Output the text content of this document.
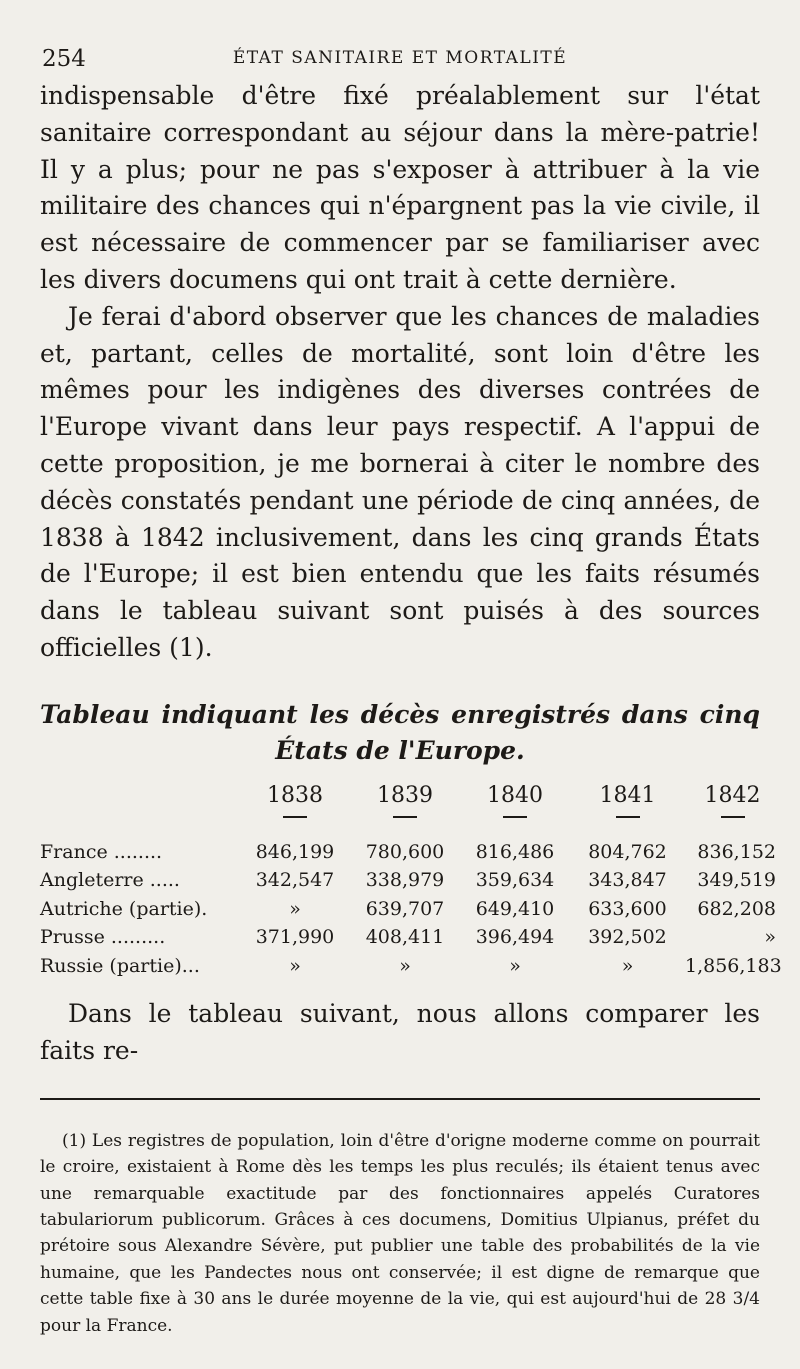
254	ÉTAT SANITAIRE ET MORTALITÉ

indispensable d'être fixé préalablement sur l'état sanitaire correspondant au séjour dans la mère-patrie! Il y a plus; pour ne pas s'exposer à attribuer à la vie militaire des chances qui n'épargnent pas la vie civile, il est nécessaire de commencer par se familiariser avec les divers documens qui ont trait à cette dernière.

Je ferai d'abord observer que les chances de maladies et, partant, celles de mortalité, sont loin d'être les mêmes pour les indigènes des diverses contrées de l'Europe vivant dans leur pays respectif. A l'appui de cette proposition, je me bornerai à citer le nombre des décès constatés pendant une période de cinq années, de 1838 à 1842 inclusivement, dans les cinq grands États de l'Europe; il est bien entendu que les faits résumés dans le tableau suivant sont puisés à des sources officielles (1).

Tableau indiquant les décès enregistrés dans cinq
États de l'Europe.
1838	1839	1840	1841	1842
France ........	846,199	780,600	816,486	804,762	836,152
Angleterre .....	342,547	338,979	359,634	343,847	349,519
Autriche (partie).	»	639,707	649,410	633,600	682,208
Prusse .........	371,990	408,411	396,494	392,502	»
Russie (partie)...	»	»	»	»	1,856,183

Dans le tableau suivant, nous allons comparer les faits re-

(1) Les registres de population, loin d'être d'origne moderne comme on pourrait le croire, existaient à Rome dès les temps les plus reculés; ils étaient tenus avec une remarquable exactitude par des fonctionnaires appelés Curatores tabulariorum publicorum. Grâces à ces documens, Domitius Ulpianus, préfet du prétoire sous Alexandre Sévère, put publier une table des probabilités de la vie humaine, que les Pandectes nous ont conservée; il est digne de remarque que cette table fixe à 30 ans le durée moyenne de la vie, qui est aujourd'hui de 28 3/4 pour la France.
